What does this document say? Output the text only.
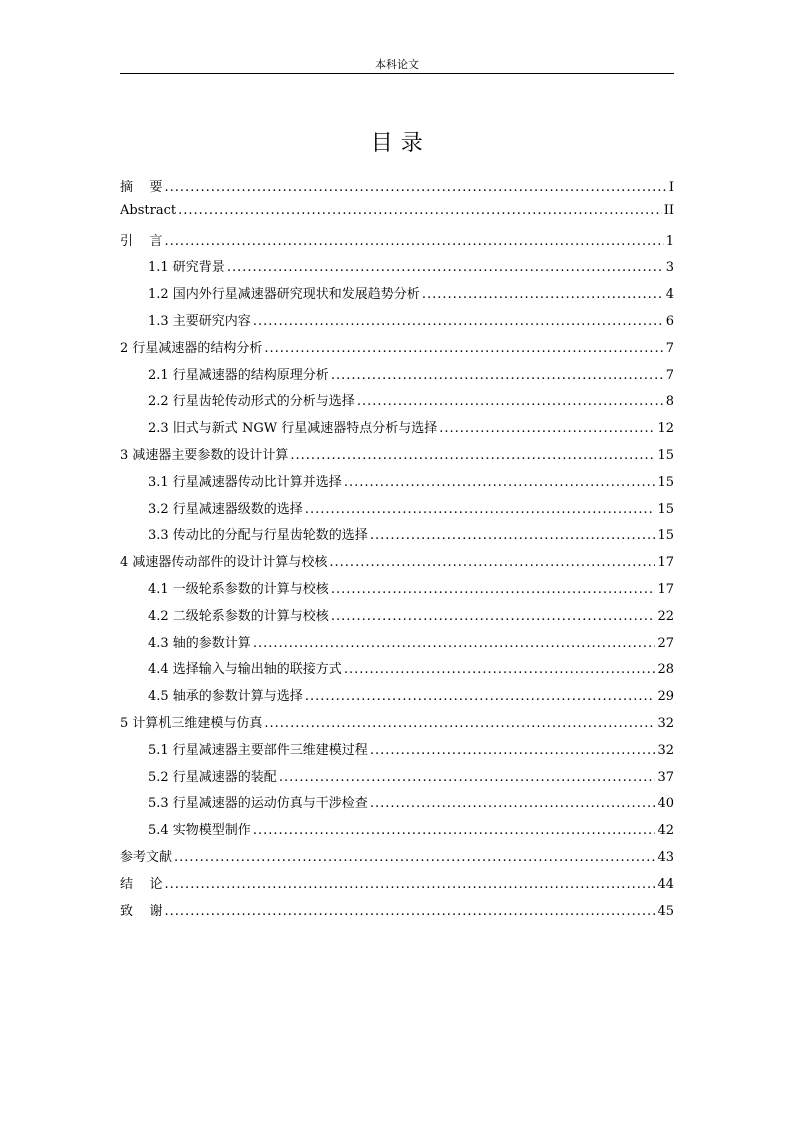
本科论文
目 录
摘    要 .....	I
Abstract .....	II
引    言 .....	1
1.1 研究背景 .....	3
1.2 国内外行星减速器研究现状和发展趋势分析 .....	4
1.3 主要研究内容 .....	6
2 行星减速器的结构分析 .....	7
2.1 行星减速器的结构原理分析 .....	7
2.2 行星齿轮传动形式的分析与选择 .....	8
2.3 旧式与新式 NGW 行星减速器特点分析与选择 .....	12
3 减速器主要参数的设计计算 .....	15
3.1 行星减速器传动比计算并选择 .....	15
3.2 行星减速器级数的选择 .....	15
3.3 传动比的分配与行星齿轮数的选择 .....	15
4 减速器传动部件的设计计算与校核 .....	17
4.1 一级轮系参数的计算与校核 .....	17
4.2 二级轮系参数的计算与校核 .....	22
4.3 轴的参数计算 .....	27
4.4 选择输入与输出轴的联接方式 .....	28
4.5 轴承的参数计算与选择 .....	29
5 计算机三维建模与仿真 .....	32
5.1 行星减速器主要部件三维建模过程 .....	32
5.2 行星减速器的装配 .....	37
5.3 行星减速器的运动仿真与干涉检查 .....	40
5.4 实物模型制作 .....	42
参考文献 .....	43
结    论 .....	44
致    谢 .....	45
